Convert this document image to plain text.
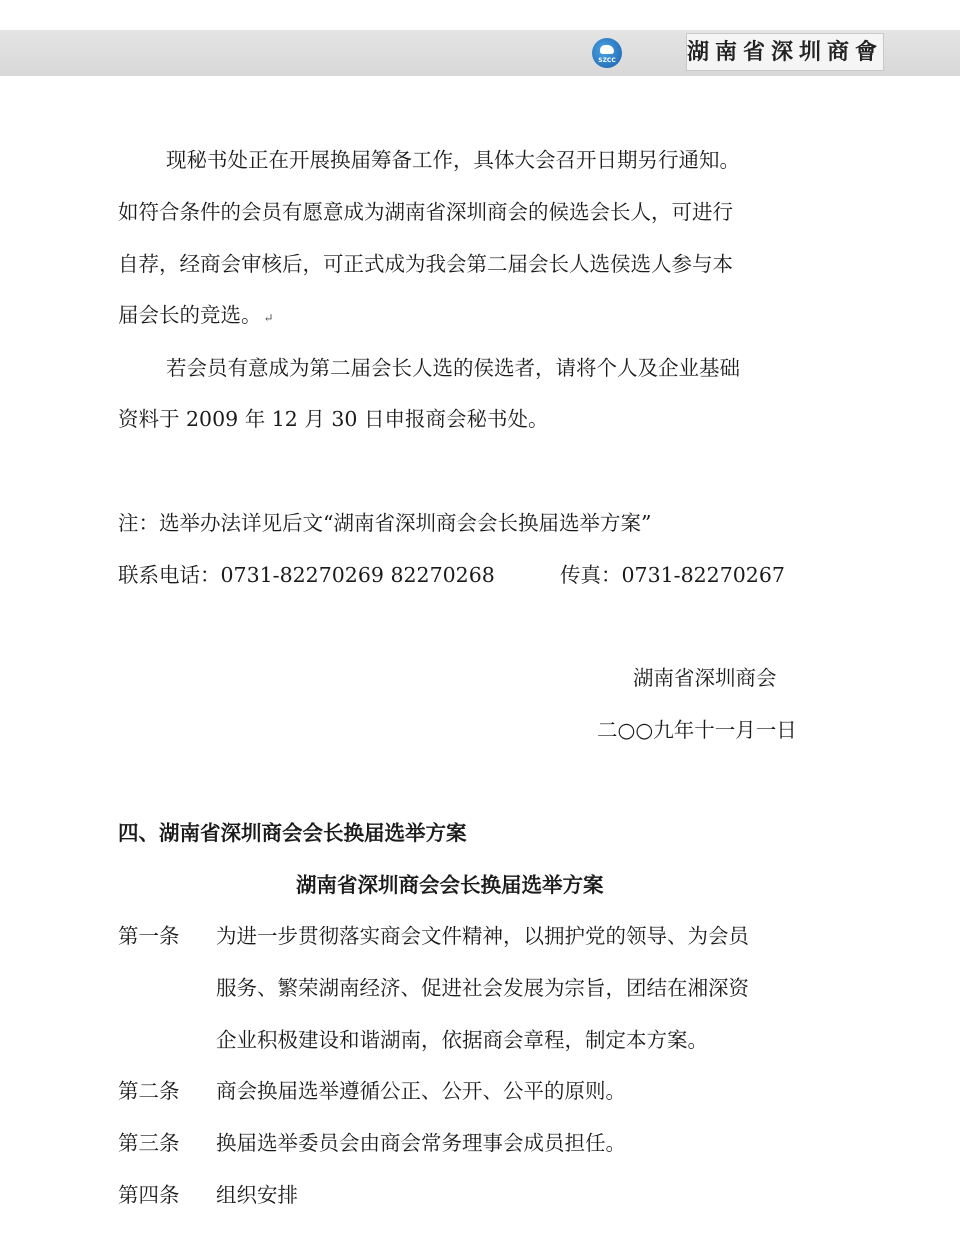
SZCC	湖南省深圳商會
现秘书处正在开展换届筹备工作，具体大会召开日期另行通知。
如符合条件的会员有愿意成为湖南省深圳商会的候选会长人，可进行
自荐，经商会审核后，可正式成为我会第二届会长人选侯选人参与本
届会长的竞选。 ↵
若会员有意成为第二届会长人选的侯选者，请将个人及企业基础
资料于 2009 年 12 月 30 日申报商会秘书处。
注：选举办法详见后文“湖南省深圳商会会长换届选举方案”
联系电话：0731-82270269 82270268	传真：0731-82270267
湖南省深圳商会
二○○九年十一月一日
四、湖南省深圳商会会长换届选举方案
湖南省深圳商会会长换届选举方案
第一条 为进一步贯彻落实商会文件精神，以拥护党的领导、为会员
服务、繁荣湖南经济、促进社会发展为宗旨，团结在湘深资
企业积极建设和谐湖南，依据商会章程，制定本方案。
第二条 商会换届选举遵循公正、公开、公平的原则。
第三条 换届选举委员会由商会常务理事会成员担任。
第四条 组织安排
